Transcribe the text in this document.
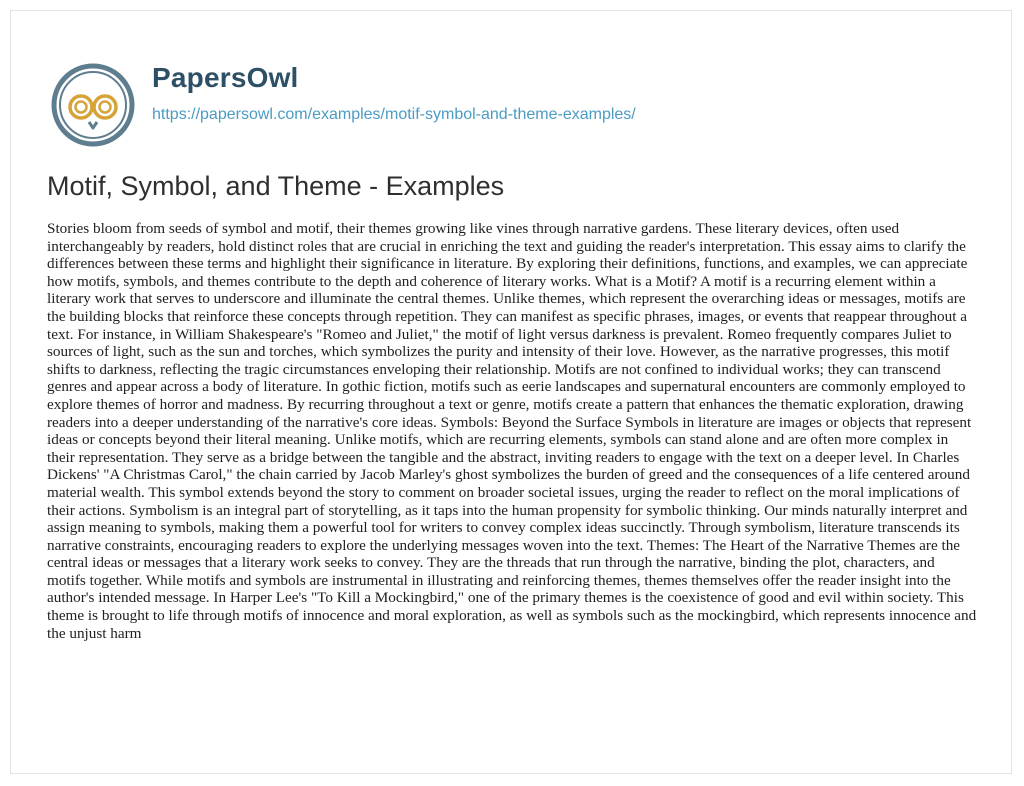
PapersOwl
https://papersowl.com/examples/motif-symbol-and-theme-examples/
Motif, Symbol, and Theme - Examples

Stories bloom from seeds of symbol and motif, their themes growing like vines through narrative gardens. These literary devices, often used interchangeably by readers, hold distinct roles that are crucial in enriching the text and guiding the reader's interpretation. This essay aims to clarify the differences between these terms and highlight their significance in literature. By exploring their definitions, functions, and examples, we can appreciate how motifs, symbols, and themes contribute to the depth and coherence of literary works. What is a Motif? A motif is a recurring element within a literary work that serves to underscore and illuminate the central themes. Unlike themes, which represent the overarching ideas or messages, motifs are the building blocks that reinforce these concepts through repetition. They can manifest as specific phrases, images, or events that reappear throughout a text. For instance, in William Shakespeare's "Romeo and Juliet," the motif of light versus darkness is prevalent. Romeo frequently compares Juliet to sources of light, such as the sun and torches, which symbolizes the purity and intensity of their love. However, as the narrative progresses, this motif shifts to darkness, reflecting the tragic circumstances enveloping their relationship. Motifs are not confined to individual works; they can transcend genres and appear across a body of literature. In gothic fiction, motifs such as eerie landscapes and supernatural encounters are commonly employed to explore themes of horror and madness. By recurring throughout a text or genre, motifs create a pattern that enhances the thematic exploration, drawing readers into a deeper understanding of the narrative's core ideas. Symbols: Beyond the Surface Symbols in literature are images or objects that represent ideas or concepts beyond their literal meaning. Unlike motifs, which are recurring elements, symbols can stand alone and are often more complex in their representation. They serve as a bridge between the tangible and the abstract, inviting readers to engage with the text on a deeper level. In Charles Dickens' "A Christmas Carol," the chain carried by Jacob Marley's ghost symbolizes the burden of greed and the consequences of a life centered around material wealth. This symbol extends beyond the story to comment on broader societal issues, urging the reader to reflect on the moral implications of their actions. Symbolism is an integral part of storytelling, as it taps into the human propensity for symbolic thinking. Our minds naturally interpret and assign meaning to symbols, making them a powerful tool for writers to convey complex ideas succinctly. Through symbolism, literature transcends its narrative constraints, encouraging readers to explore the underlying messages woven into the text. Themes: The Heart of the Narrative Themes are the central ideas or messages that a literary work seeks to convey. They are the threads that run through the narrative, binding the plot, characters, and motifs together. While motifs and symbols are instrumental in illustrating and reinforcing themes, themes themselves offer the reader insight into the author's intended message. In Harper Lee's "To Kill a Mockingbird," one of the primary themes is the coexistence of good and evil within society. This theme is brought to life through motifs of innocence and moral exploration, as well as symbols such as the mockingbird, which represents innocence and the unjust harm
